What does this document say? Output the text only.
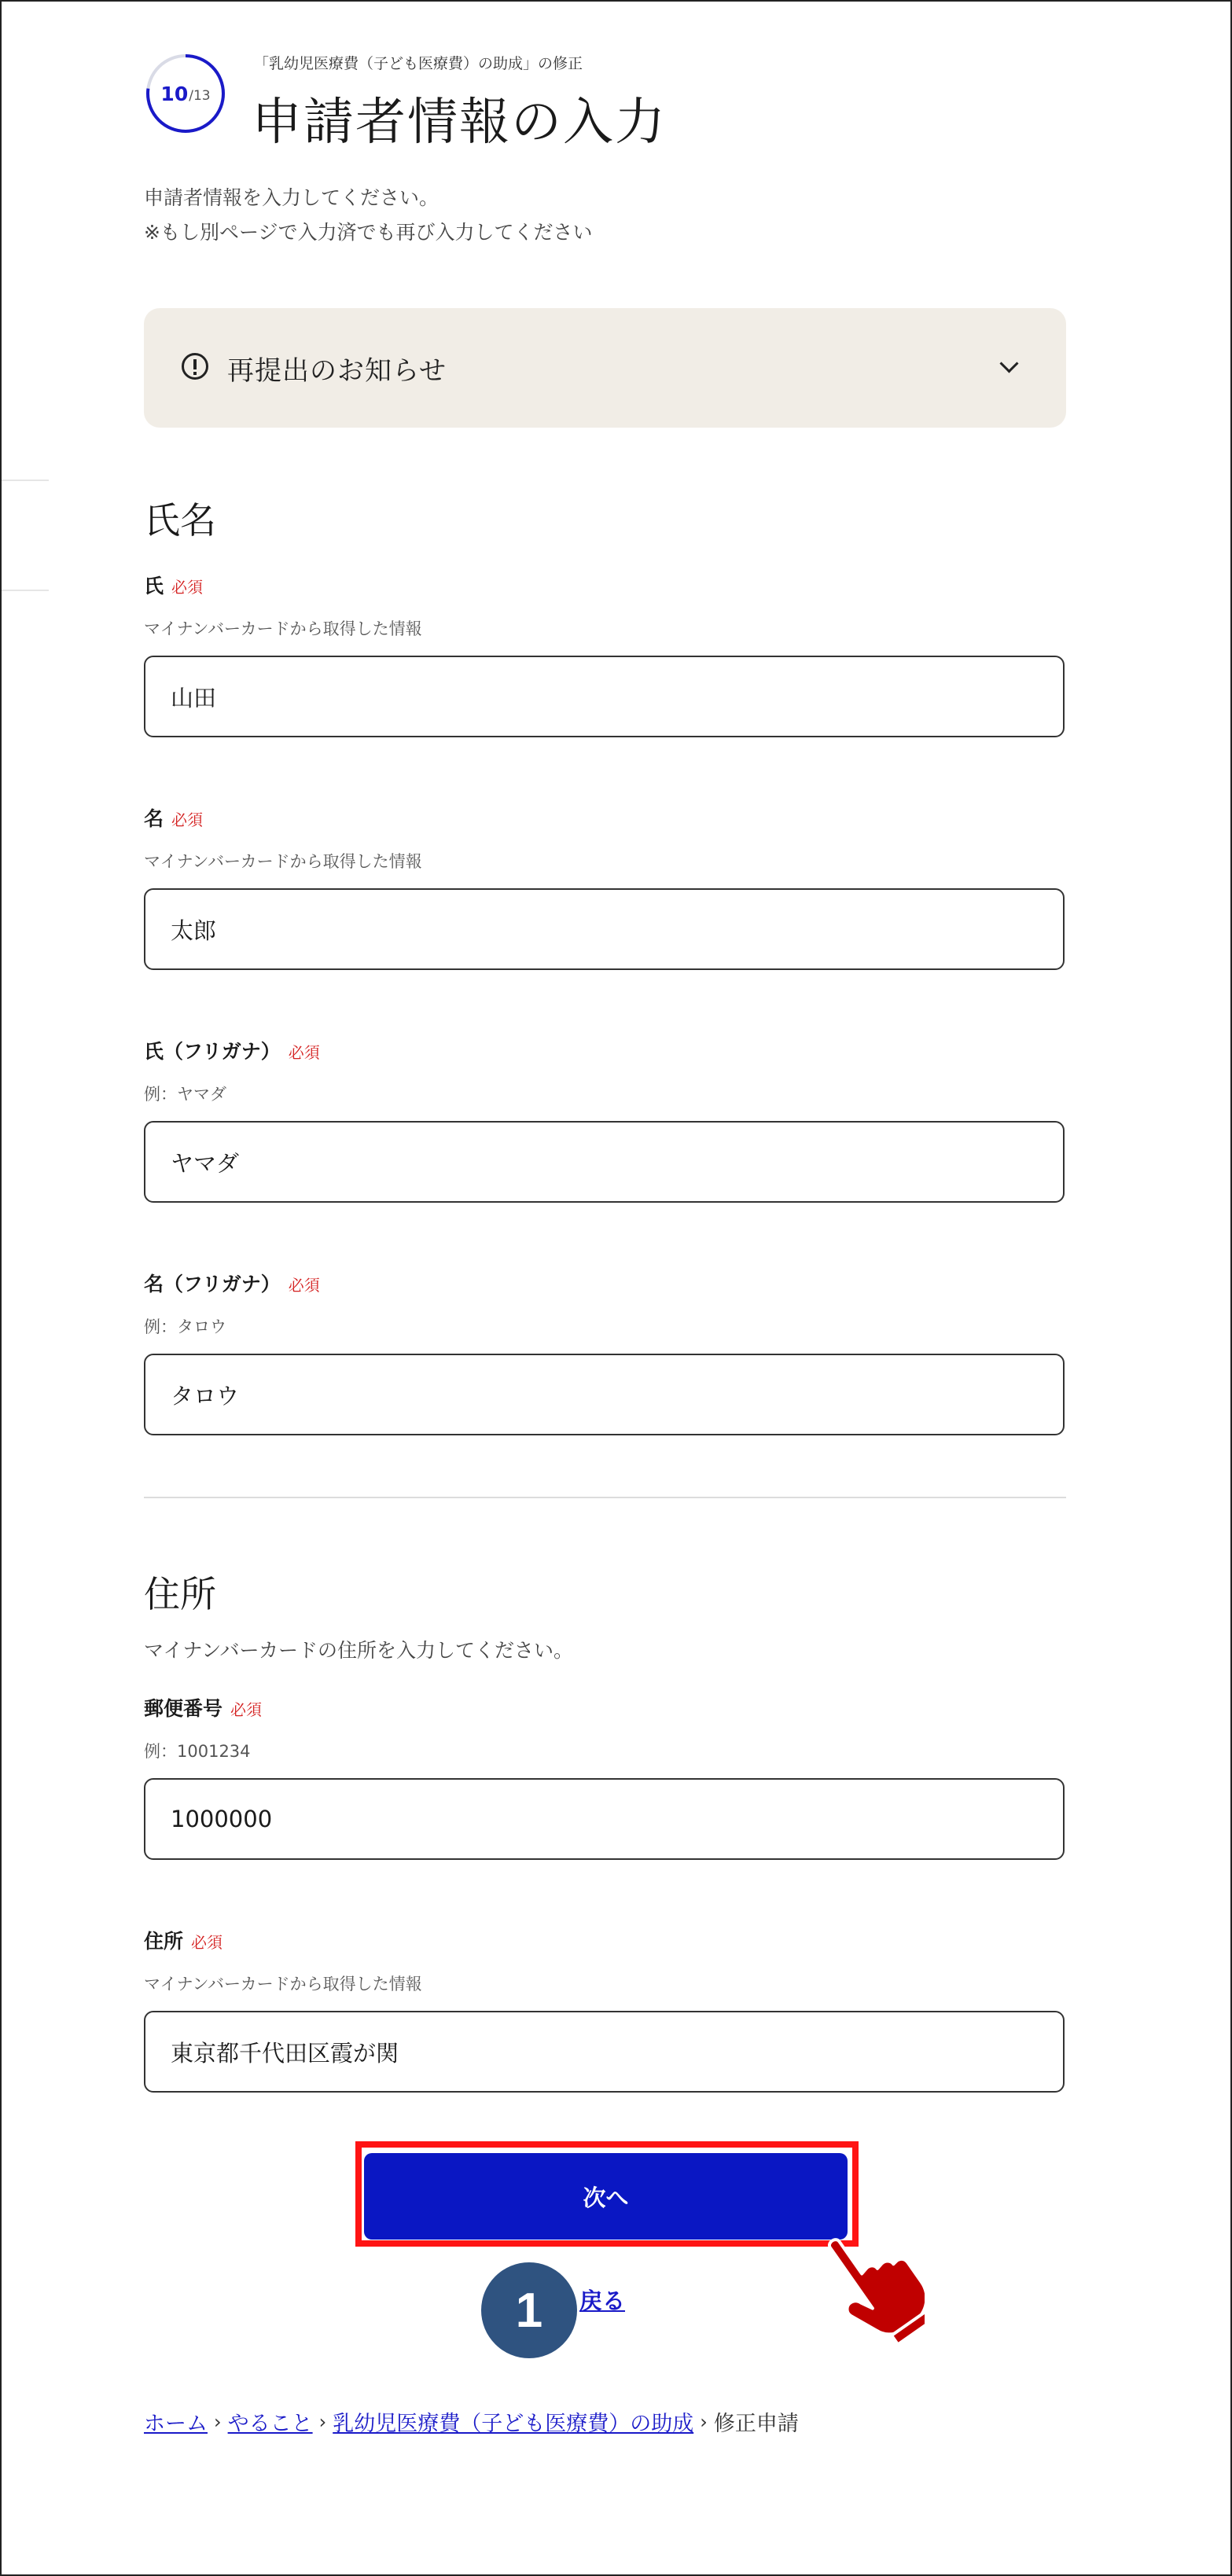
10 /13
「乳幼児医療費（子ども医療費）の助成」の修正
申請者情報の入力
申請者情報を入力してください。
※もし別ページで入力済でも再び入力してください
再提出のお知らせ
氏名
氏 必須
マイナンバーカードから取得した情報
山田
名 必須
マイナンバーカードから取得した情報
太郎
氏（フリガナ） 必須
例：ヤマダ
ヤマダ
名（フリガナ） 必須
例：タロウ
タロウ
住所
マイナンバーカードの住所を入力してください。
郵便番号 必須
例：1001234
1000000
住所 必須
マイナンバーカードから取得した情報
東京都千代田区霞が関
次へ
1	戻る
ホーム › やること › 乳幼児医療費（子ども医療費）の助成 › 修正申請
